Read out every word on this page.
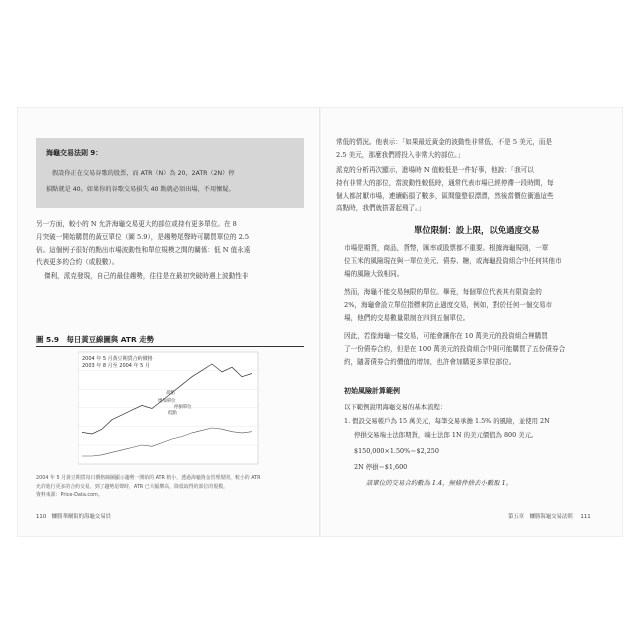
海龜交易法則 9：
假設你正在交易谷歌的股票，而 ATR（N）為 20，2ATR（2N）停
損點就是 40。如果你的谷歌交易損失 40 點就必須出場，不用懷疑。
另一方面，較小的 N 允許海龜交易更大的部位或持有更多單位。在 8
月突破一開始購買的黃豆單位（圖 5.9），是趨勢尾聲時可購買單位的 2.5
倍。這個例子很好的點出市場波動性和單位規模之間的關係：低 N 值永遠
代表更多的合約（或股數）。
傑利，派克發現，自己的最佳趨勢，往往是在最初突破時遇上波動性非
圖 5.9　每日黃豆線圖與 ATR 走勢
2004 年 5 月黃豆期貨合約價格
2003 年 8 月至 2004 年 5 月
高點
增加單位
停損單位
低點
2004 年 5 月黃豆期貨每日價格線圖顯示趨勢一開始的 ATR 較小，透過海龜資金管理規則，較小的 ATR
允許進行更多的合約交易，到了趨勢尾聲時，ATR 已大幅攀高，降低取得的部位的規模。
資料來源：Price-Data.com。
110　鱷勝華爾街的海龜交易員
常低的情況。他表示：「如果最近黃金的波動性非常低，不是 5 美元，而是
2.5 美元，那麼我們將投入非常大的部位。」
派克的分析再次顯示，進場時 N 值較低是一件好事，他說：「我可以
持有非常大的部位，當波動性較低時，通常代表市場已經停滯一段時間，每
個人都討厭市場，連續虧損了數多，區間盤整很漂漂，然後當價位衝過這些
高點時，我們就搭著起飛了。」
單位限制：設上限，以免過度交易
市場是期貨，商品，貨幣，匯率或股票都不重要。根據海龜規則，一單
位玉米的風險現在與一單位美元、債券、糖，或海龜投資組合中任何其他市
場的風險大致相同。
然而，海龜不能交易無限的單位。畢竟，每個單位代表其有限資金的
2%，海龜會設立單位指標來防止過度交易，例如，對於任何一個交易市
場，他們的交易數量限制在四到五個單位。
因此，若像海龜一樣交易，可能會讓你在 10 萬美元的投資組合裡購買
了一份債券合約，但是在 100 萬美元的投資組合中則可能購買了五份債券合
約，隨著債券合約價值的增加，也許會加購更多單位部位。
初始風險計算範例
以下範例說明海龜交易的基本流程：
1. 假設交易帳戶為 15 萬美元，每筆交易承擔 1.5% 的風險，並使用 2N
停損交易端士法郎期貨，端士法郎 1N 的美元價值為 800 美元。
$150,000×1.50%＝$2,250
2N 停損＝$1,600
該單位的交易合約數為 1.4，無條件捨去小數取 1。
第五章　鱷勝海龜交易法則 111
